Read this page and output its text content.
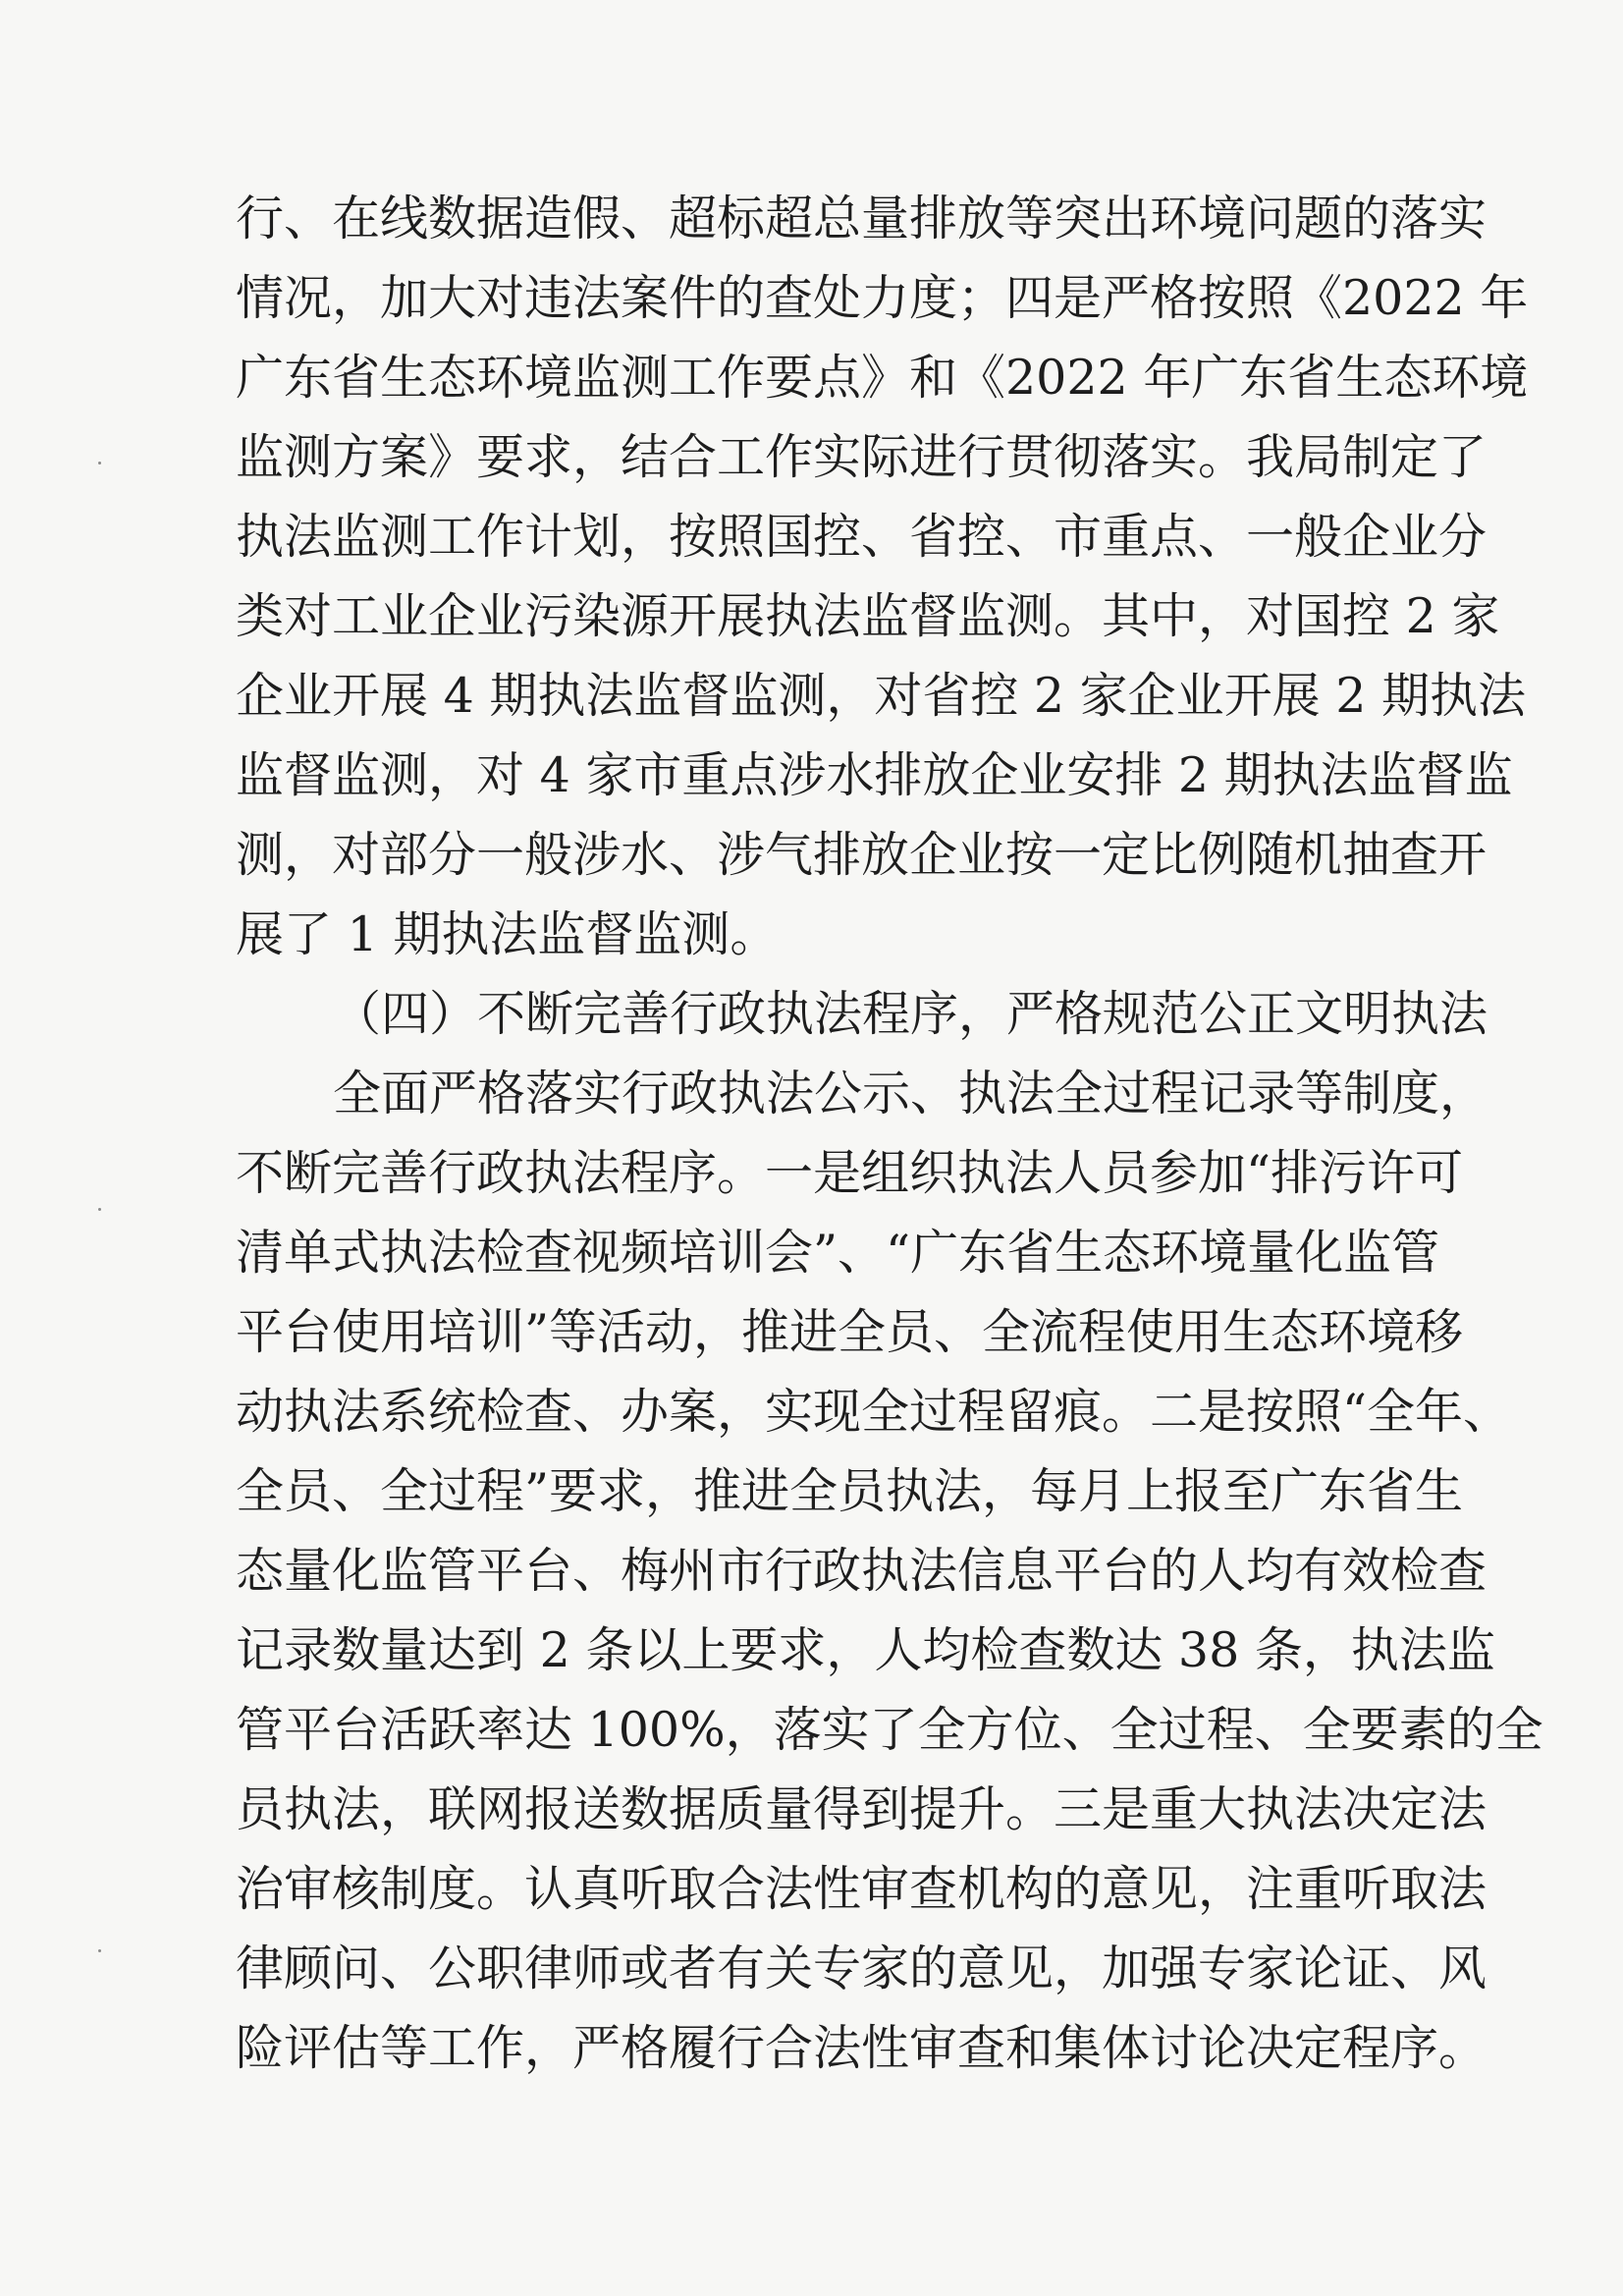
行、在线数据造假、超标超总量排放等突出环境问题的落实
情况，加大对违法案件的查处力度；四是严格按照《2022 年
广东省生态环境监测工作要点》和《2022 年广东省生态环境
监测方案》要求，结合工作实际进行贯彻落实。我局制定了
执法监测工作计划，按照国控、省控、市重点、一般企业分
类对工业企业污染源开展执法监督监测。其中，对国控 2 家
企业开展 4 期执法监督监测，对省控 2 家企业开展 2 期执法
监督监测，对 4 家市重点涉水排放企业安排 2 期执法监督监
测，对部分一般涉水、涉气排放企业按一定比例随机抽查开
展了 1 期执法监督监测。
（四）不断完善行政执法程序，严格规范公正文明执法
全面严格落实行政执法公示、执法全过程记录等制度，
不断完善行政执法程序。一是组织执法人员参加“排污许可
清单式执法检查视频培训会”、“广东省生态环境量化监管
平台使用培训”等活动，推进全员、全流程使用生态环境移
动执法系统检查、办案，实现全过程留痕。二是按照“全年、
全员、全过程”要求，推进全员执法，每月上报至广东省生
态量化监管平台、梅州市行政执法信息平台的人均有效检查
记录数量达到 2 条以上要求，人均检查数达 38 条，执法监
管平台活跃率达 100%，落实了全方位、全过程、全要素的全
员执法，联网报送数据质量得到提升。三是重大执法决定法
治审核制度。认真听取合法性审查机构的意见，注重听取法
律顾问、公职律师或者有关专家的意见，加强专家论证、风
险评估等工作，严格履行合法性审查和集体讨论决定程序。
